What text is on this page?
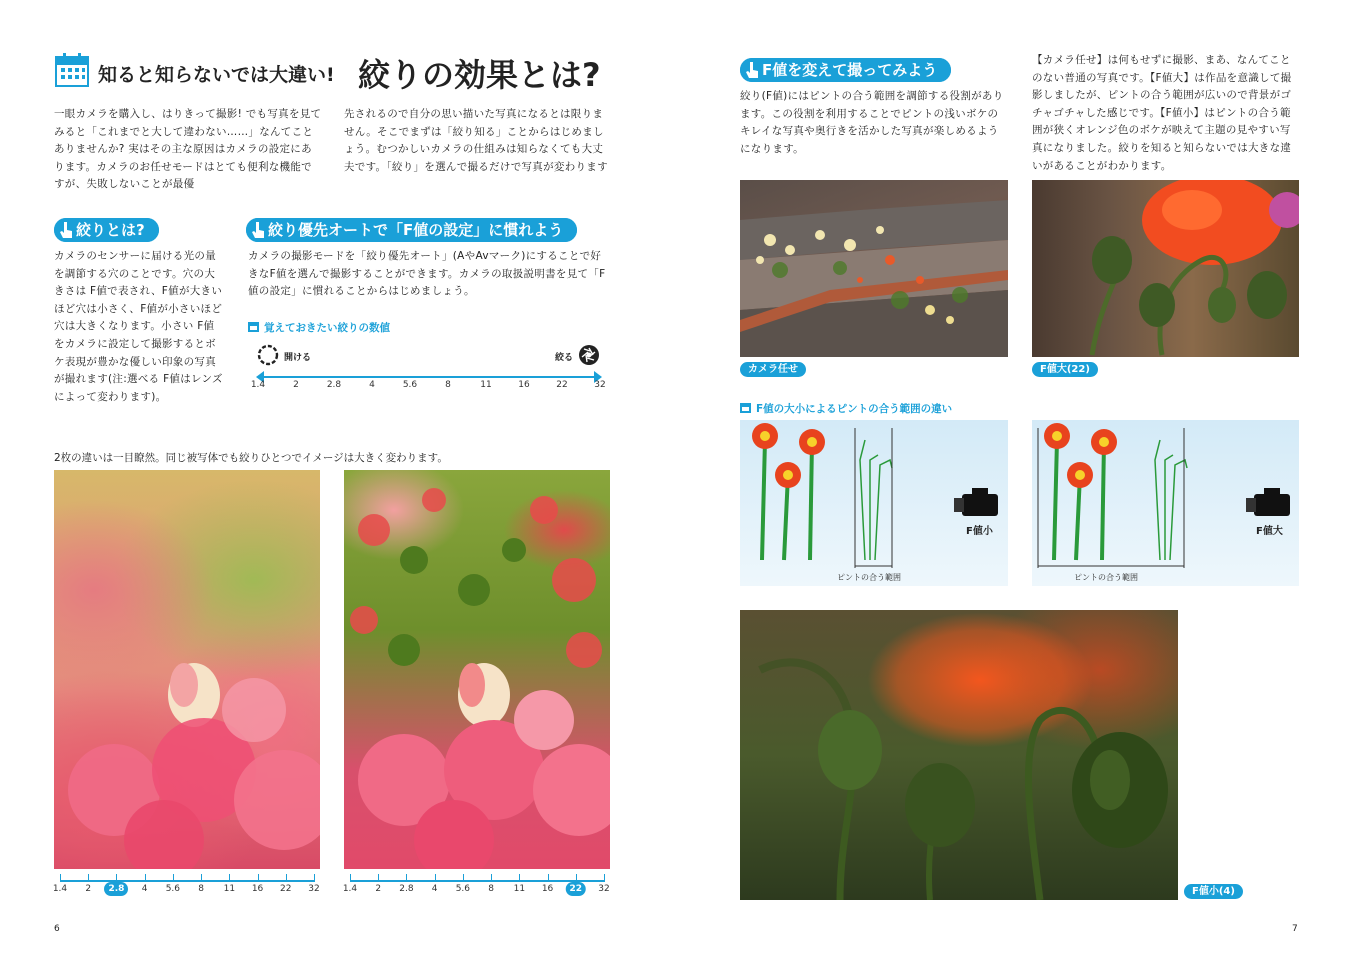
知ると知らないでは大違い! 絞りの効果とは?
一眼カメラを購入し、はりきって撮影! でも写真を見てみると「これまでと大して違わない……」なんてことありませんか? 実はその主な原因はカメラの設定にあります。カメラのお任せモードはとても便利な機能ですが、失敗しないことが最優
先されるので自分の思い描いた写真になるとは限りません。そこでまずは「絞り知る」ことからはじめましょう。むつかしいカメラの仕組みは知らなくても大丈夫です。「絞り」を選んで撮るだけで写真が変わります
絞りとは?
カメラのセンサーに届ける光の量を調節する穴のことです。穴の大きさは F値で表され、F値が大きいほど穴は小さく、F値が小さいほど穴は大きくなります。小さい F値をカメラに設定して撮影するとボケ表現が豊かな優しい印象の写真が撮れます(注:選べる F値はレンズによって変わります)。
絞り優先オートで「F値の設定」に慣れよう
カメラの撮影モードを「絞り優先オート」(AやAvマーク)にすることで好きなF値を選んで撮影することができます。カメラの取扱説明書を見て「F値の設定」に慣れることからはじめましょう。
覚えておきたい絞りの数値
開ける	絞る
1.4	2	2.8	4	5.6	8	11	16	22	32
2枚の違いは一目瞭然。同じ被写体でも絞りひとつでイメージは大きく変わります。
1.4 2	2.8	4 5.6 8 11 16 22 32	1.4 2 2.8 4 5.6 8 11 16	22	32
6
F値を変えて撮ってみよう
絞り(F値)にはピントの合う範囲を調節する役割があります。この役割を利用することでピントの浅いボケのキレイな写真や奥行きを活かした写真が楽しめるようになります。
【カメラ任せ】は何もせずに撮影、まあ、なんてことのない普通の写真です。【F値大】は作品を意識して撮影しましたが、ピントの合う範囲が広いので背景がゴチャゴチャした感じです。【F値小】はピントの合う範囲が狭くオレンジ色のボケが映えて主題の見やすい写真になりました。絞りを知ると知らないでは大きな違いがあることがわかります。
カメラ任せ	F値大(22)
F値の大小によるピントの合う範囲の違い
F値小
ピントの合う範囲
F値大
ピントの合う範囲
F値小(4)
7
